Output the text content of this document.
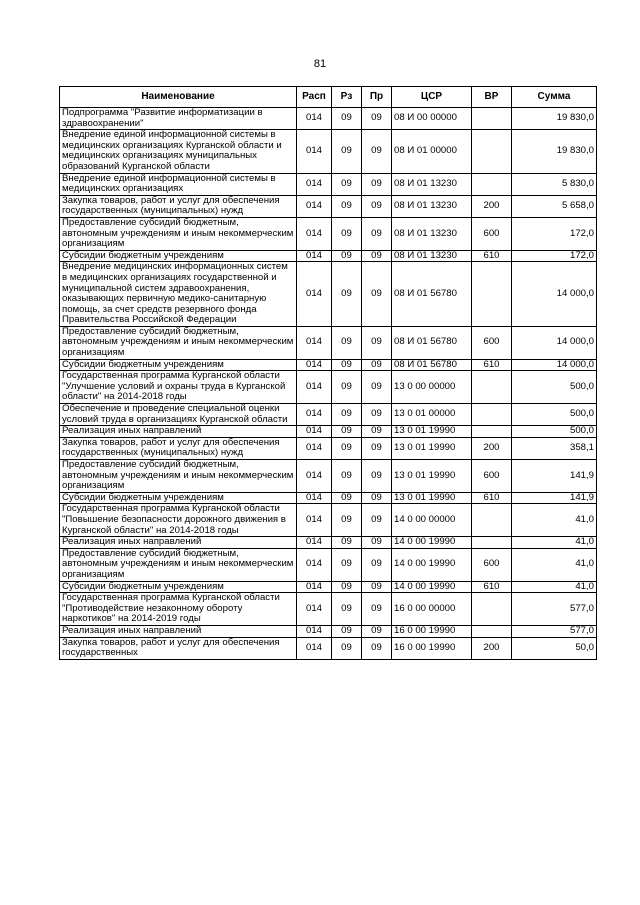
81
Наименование	Расп	Рз	Пр	ЦСР	ВР	Сумма
Подпрограмма "Развитие информатизации в здравоохранении"	014	09	09	08 И 00 00000		19 830,0
Внедрение единой информационной системы в медицинских организациях Курганской области и медицинских организациях муниципальных образований Курганской области	014	09	09	08 И 01 00000		19 830,0
Внедрение единой информационной системы в медицинских организациях	014	09	09	08 И 01 13230		5 830,0
Закупка товаров, работ и услуг для обеспечения государственных (муниципальных) нужд	014	09	09	08 И 01 13230	200	5 658,0
Предоставление субсидий бюджетным, автономным учреждениям и иным некоммерческим организациям	014	09	09	08 И 01 13230	600	172,0
Субсидии бюджетным учреждениям	014	09	09	08 И 01 13230	610	172,0
Внедрение медицинских информационных систем в медицинских организациях государственной и муниципальной систем здравоохранения, оказывающих первичную медико-санитарную помощь, за счет средств резервного фонда Правительства Российской Федерации	014	09	09	08 И 01 56780		14 000,0
Предоставление субсидий бюджетным, автономным учреждениям и иным некоммерческим организациям	014	09	09	08 И 01 56780	600	14 000,0
Субсидии бюджетным учреждениям	014	09	09	08 И 01 56780	610	14 000,0
Государственная программа Курганской области "Улучшение условий и охраны труда в Курганской области" на 2014-2018 годы	014	09	09	13 0 00 00000		500,0
Обеспечение и проведение специальной оценки условий труда в организациях Курганской области	014	09	09	13 0 01 00000		500,0
Реализация иных направлений	014	09	09	13 0 01 19990		500,0
Закупка товаров, работ и услуг для обеспечения государственных (муниципальных) нужд	014	09	09	13 0 01 19990	200	358,1
Предоставление субсидий бюджетным, автономным учреждениям и иным некоммерческим организациям	014	09	09	13 0 01 19990	600	141,9
Субсидии бюджетным учреждениям	014	09	09	13 0 01 19990	610	141,9
Государственная программа Курганской области "Повышение безопасности дорожного движения в Курганской области" на 2014-2018 годы	014	09	09	14 0 00 00000		41,0
Реализация иных направлений	014	09	09	14 0 00 19990		41,0
Предоставление субсидий бюджетным, автономным учреждениям и иным некоммерческим организациям	014	09	09	14 0 00 19990	600	41,0
Субсидии бюджетным учреждениям	014	09	09	14 0 00 19990	610	41,0
Государственная программа Курганской области "Противодействие незаконному обороту наркотиков" на 2014-2019 годы	014	09	09	16 0 00 00000		577,0
Реализация иных направлений	014	09	09	16 0 00 19990		577,0
Закупка товаров, работ и услуг для обеспечения государственных	014	09	09	16 0 00 19990	200	50,0
